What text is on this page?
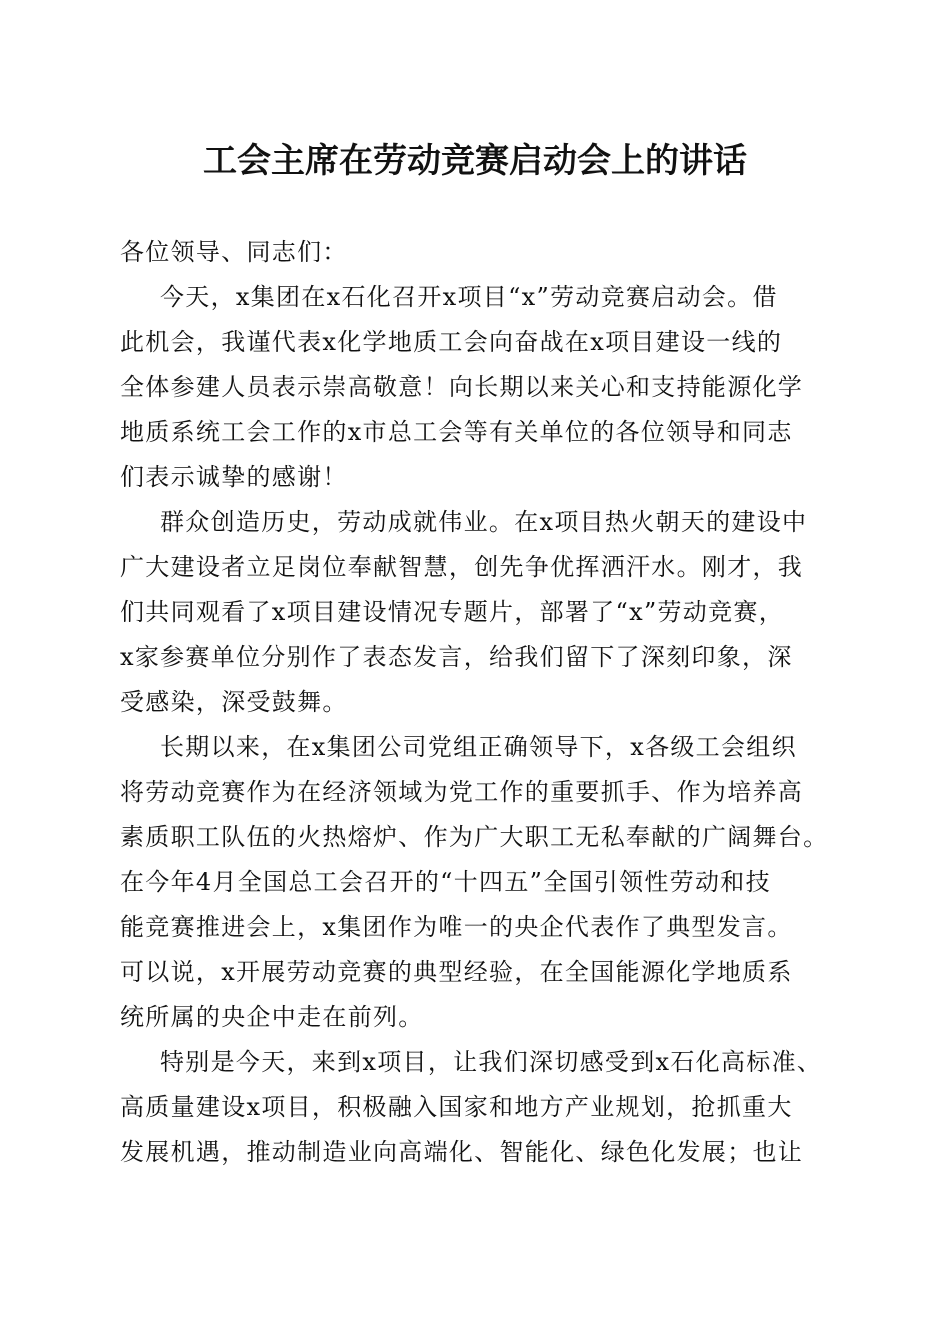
工会主席在劳动竞赛启动会上的讲话
各位领导、同志们：
今天，x集团在x石化召开x项目“x”劳动竞赛启动会。借
此机会，我谨代表x化学地质工会向奋战在x项目建设一线的
全体参建人员表示崇高敬意！向长期以来关心和支持能源化学
地质系统工会工作的x市总工会等有关单位的各位领导和同志
们表示诚挚的感谢！
群众创造历史，劳动成就伟业。在x项目热火朝天的建设中
广大建设者立足岗位奉献智慧，创先争优挥洒汗水。刚才，我
们共同观看了x项目建设情况专题片，部署了“x”劳动竞赛，
x家参赛单位分别作了表态发言，给我们留下了深刻印象，深
受感染，深受鼓舞。
长期以来，在x集团公司党组正确领导下，x各级工会组织
将劳动竞赛作为在经济领域为党工作的重要抓手、作为培养高
素质职工队伍的火热熔炉、作为广大职工无私奉献的广阔舞台。
在今年4月全国总工会召开的“十四五”全国引领性劳动和技
能竞赛推进会上，x集团作为唯一的央企代表作了典型发言。
可以说，x开展劳动竞赛的典型经验，在全国能源化学地质系
统所属的央企中走在前列。
特别是今天，来到x项目，让我们深切感受到x石化高标准、
高质量建设x项目，积极融入国家和地方产业规划，抢抓重大
发展机遇，推动制造业向高端化、智能化、绿色化发展；也让
